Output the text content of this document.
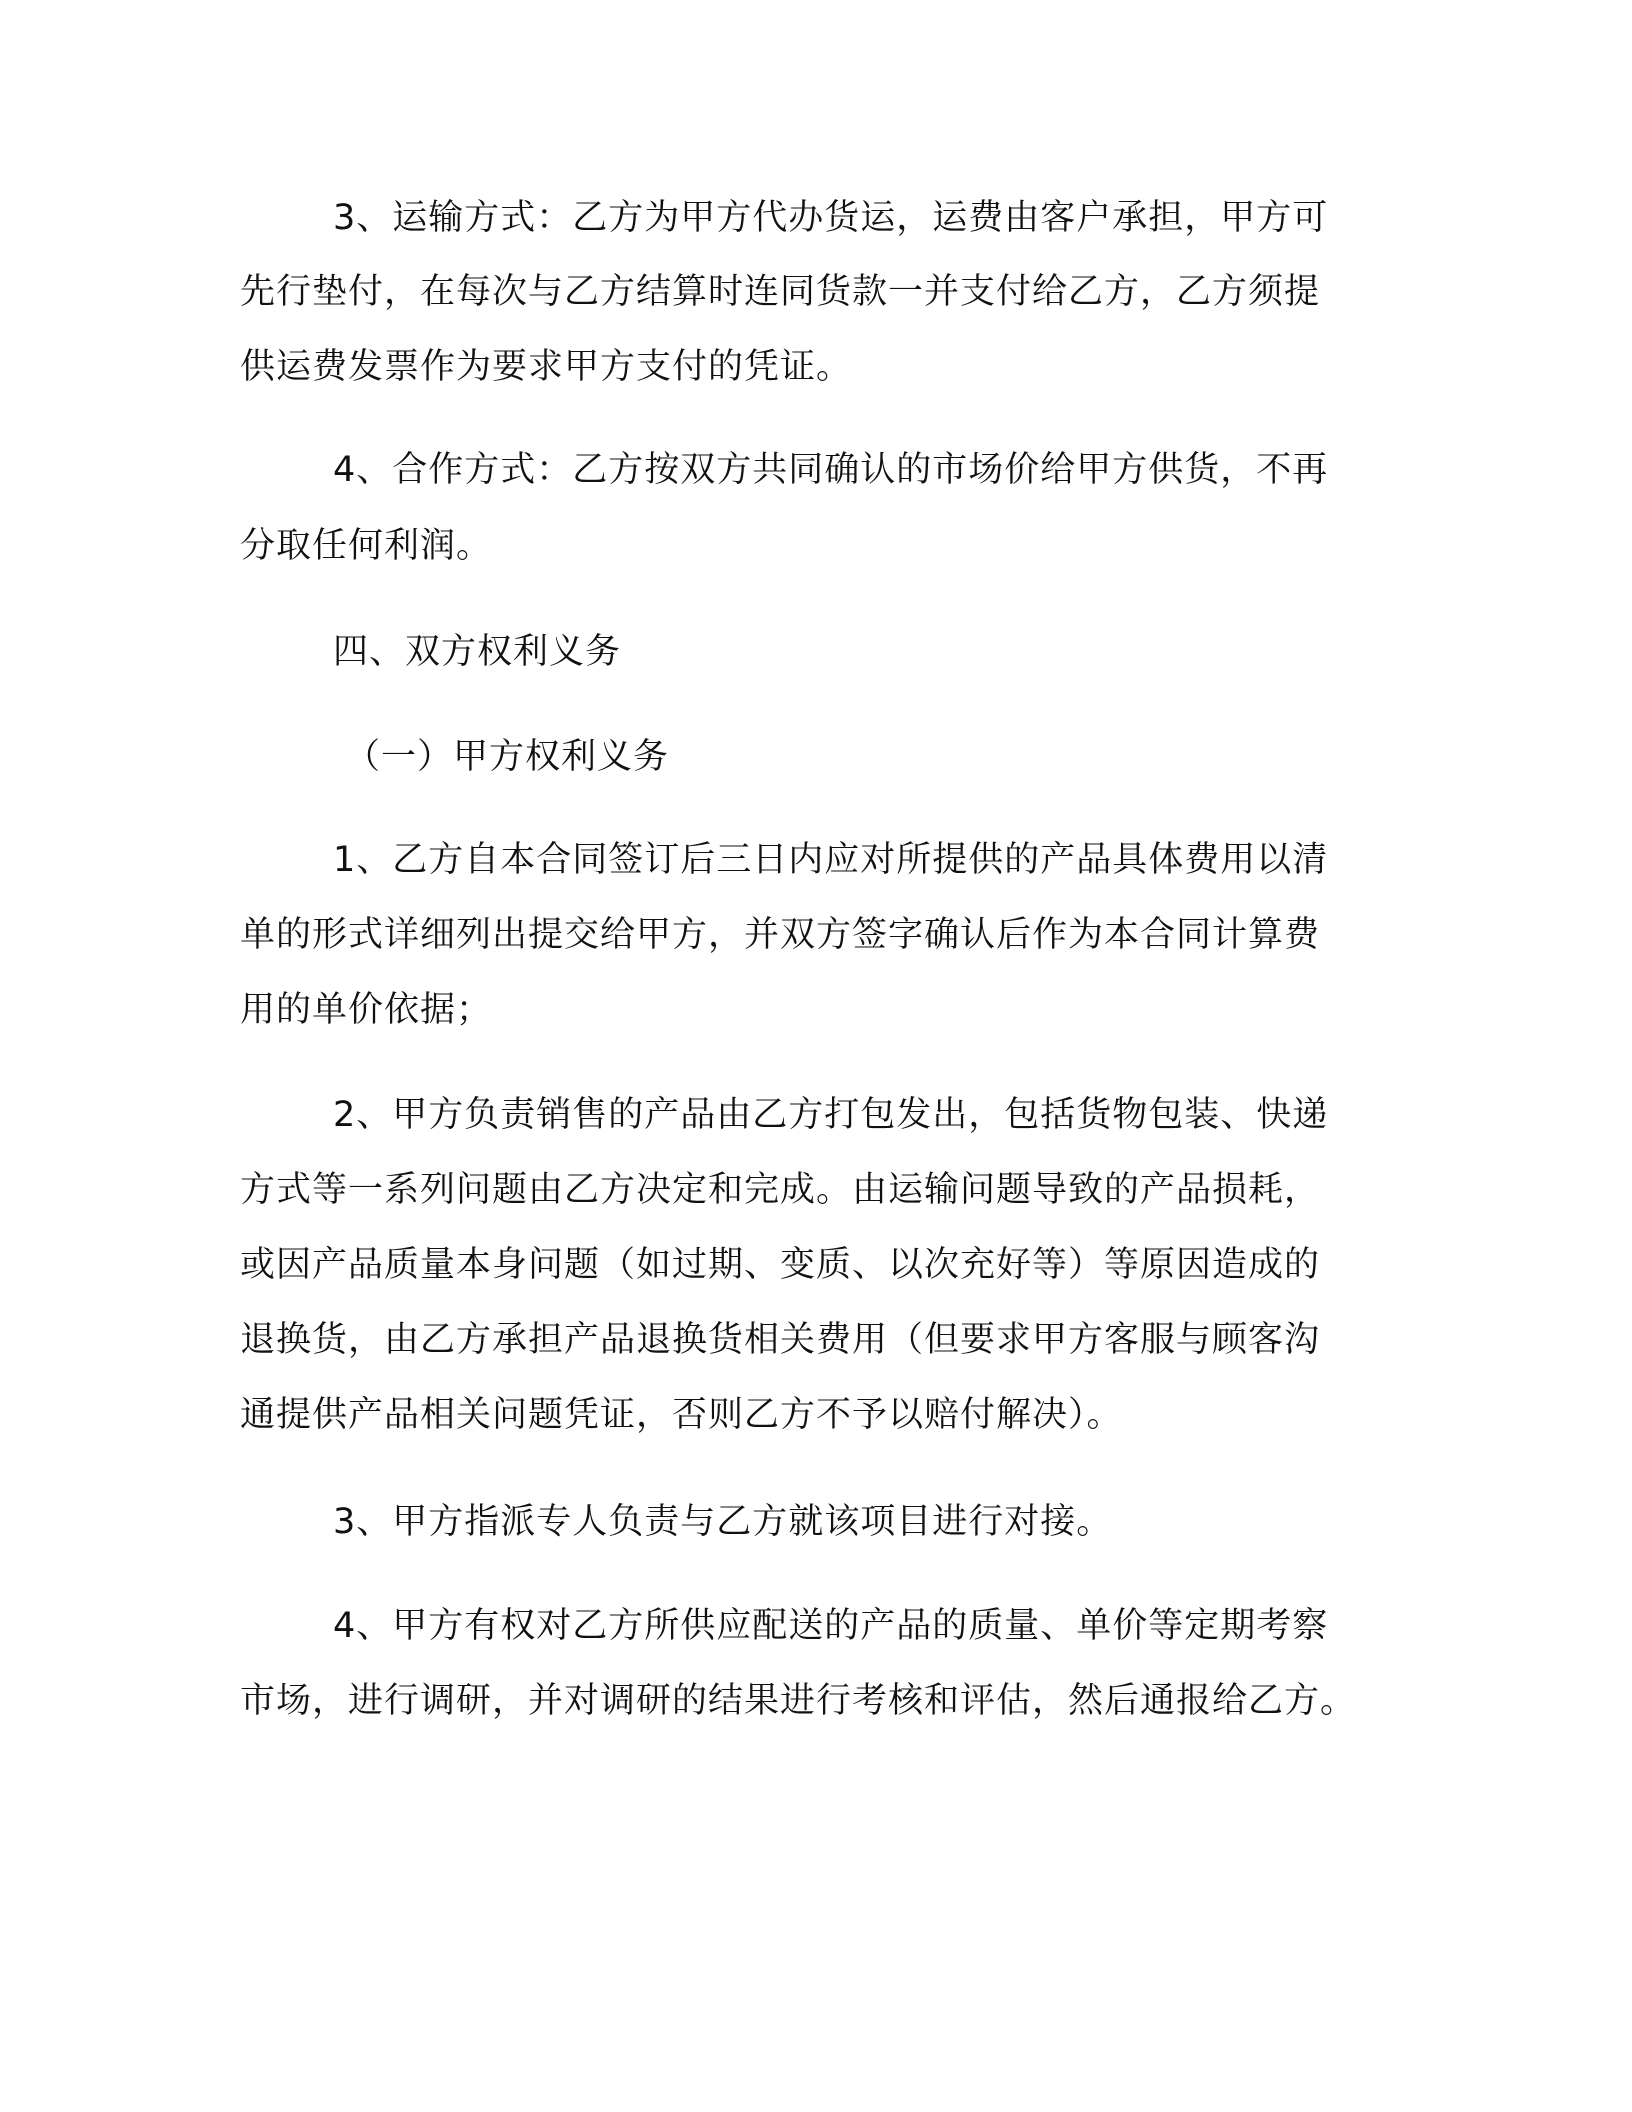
3、运输方式：乙方为甲方代办货运，运费由客户承担，甲方可

先行垫付，在每次与乙方结算时连同货款一并支付给乙方，乙方须提

供运费发票作为要求甲方支付的凭证。

4、合作方式：乙方按双方共同确认的市场价给甲方供货，不再

分取任何利润。

四、双方权利义务

（一）甲方权利义务

1、乙方自本合同签订后三日内应对所提供的产品具体费用以清

单的形式详细列出提交给甲方，并双方签字确认后作为本合同计算费

用的单价依据；

2、甲方负责销售的产品由乙方打包发出，包括货物包装、快递

方式等一系列问题由乙方决定和完成。由运输问题导致的产品损耗，

或因产品质量本身问题（如过期、变质、以次充好等）等原因造成的

退换货，由乙方承担产品退换货相关费用（但要求甲方客服与顾客沟

通提供产品相关问题凭证，否则乙方不予以赔付解决）。

3、甲方指派专人负责与乙方就该项目进行对接。

4、甲方有权对乙方所供应配送的产品的质量、单价等定期考察

市场，进行调研，并对调研的结果进行考核和评估，然后通报给乙方。
